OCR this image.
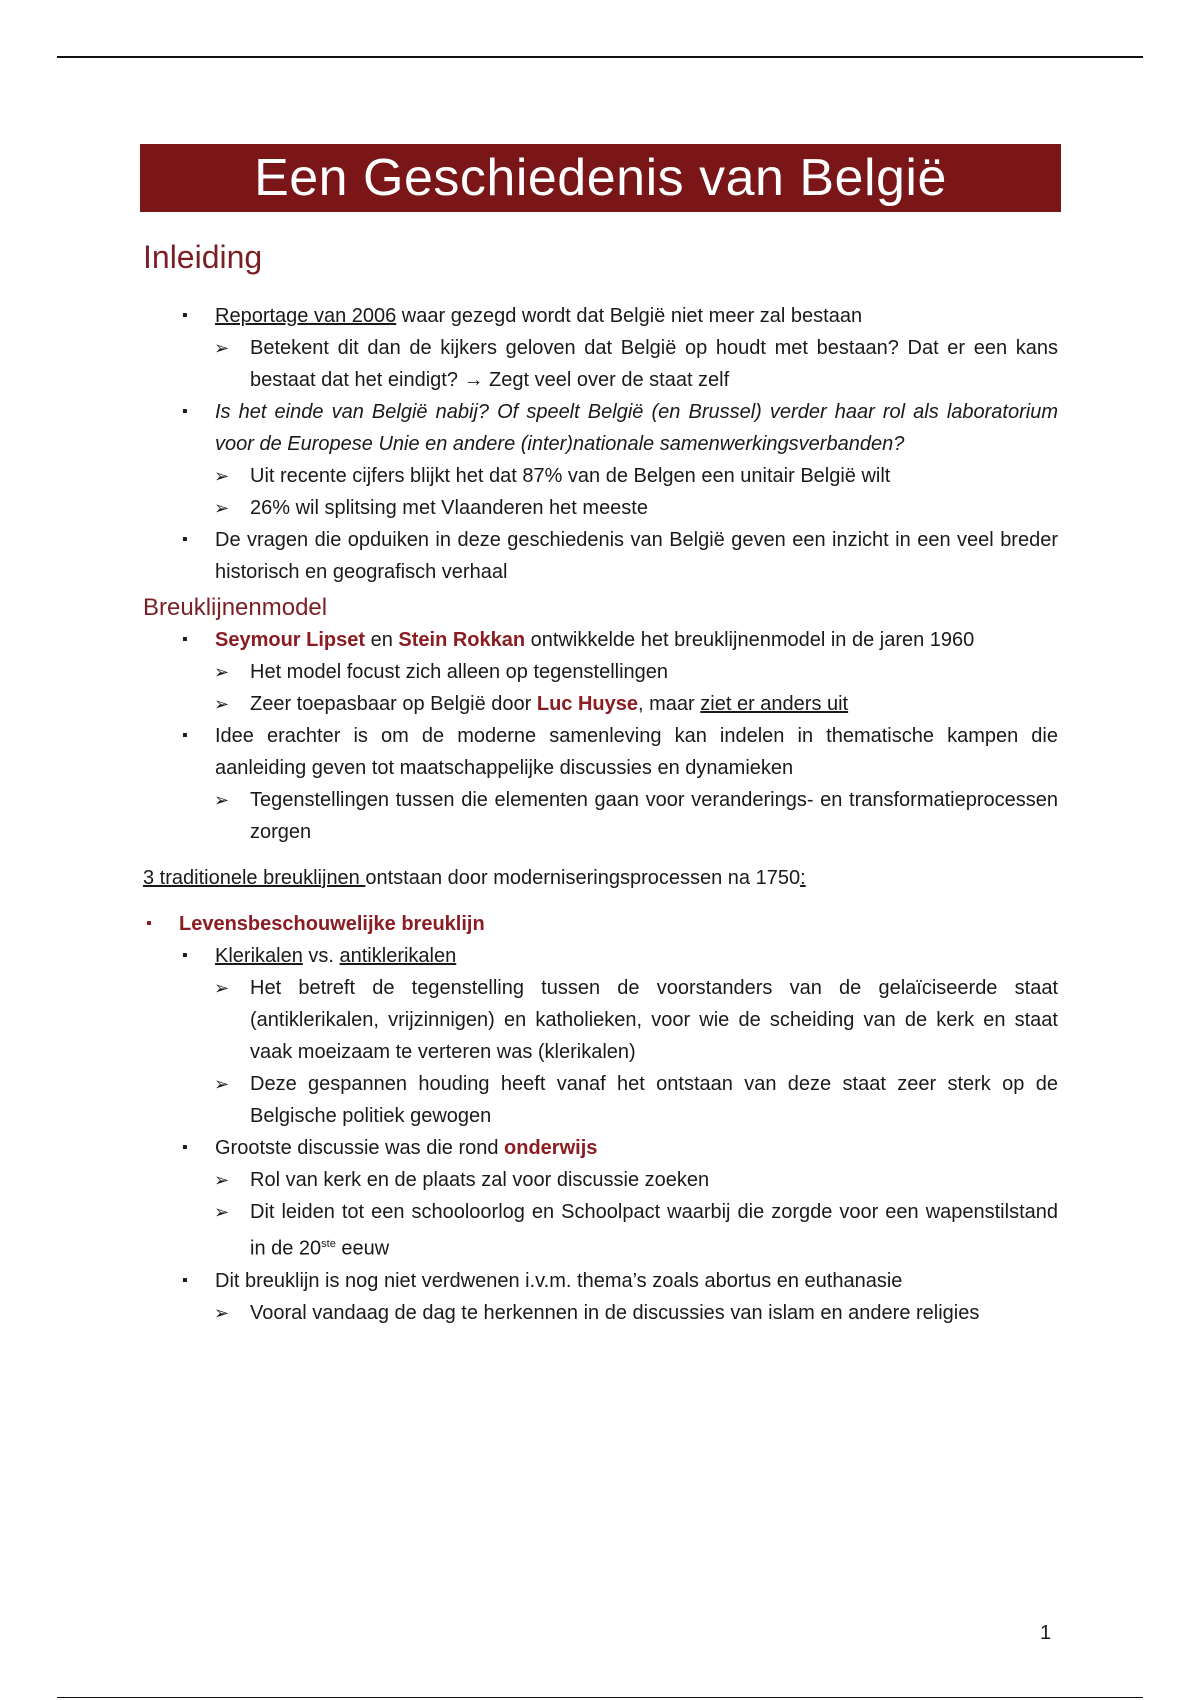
Een Geschiedenis van België
Inleiding
▪ Reportage van 2006 waar gezegd wordt dat België niet meer zal bestaan
➢ Betekent dit dan de kijkers geloven dat België op houdt met bestaan? Dat er een kans bestaat dat het eindigt? → Zegt veel over de staat zelf
▪ Is het einde van België nabij? Of speelt België (en Brussel) verder haar rol als laboratorium voor de Europese Unie en andere (inter)nationale samenwerkingsverbanden?
➢ Uit recente cijfers blijkt het dat 87% van de Belgen een unitair België wilt
➢ 26% wil splitsing met Vlaanderen het meeste
▪ De vragen die opduiken in deze geschiedenis van België geven een inzicht in een veel breder historisch en geografisch verhaal
Breuklijnenmodel
▪ Seymour Lipset en Stein Rokkan ontwikkelde het breuklijnenmodel in de jaren 1960
➢ Het model focust zich alleen op tegenstellingen
➢ Zeer toepasbaar op België door Luc Huyse, maar ziet er anders uit
▪ Idee erachter is om de moderne samenleving kan indelen in thematische kampen die aanleiding geven tot maatschappelijke discussies en dynamieken
➢ Tegenstellingen tussen die elementen gaan voor veranderings- en transformatieprocessen zorgen
3 traditionele breuklijnen ontstaan door moderniseringsprocessen na 1750:
▪ Levensbeschouwelijke breuklijn
▪ Klerikalen vs. antiklerikalen
➢ Het betreft de tegenstelling tussen de voorstanders van de gelaïciseerde staat (antiklerikalen, vrijzinnigen) en katholieken, voor wie de scheiding van de kerk en staat vaak moeizaam te verteren was (klerikalen)
➢ Deze gespannen houding heeft vanaf het ontstaan van deze staat zeer sterk op de Belgische politiek gewogen
▪ Grootste discussie was die rond onderwijs
➢ Rol van kerk en de plaats zal voor discussie zoeken
➢ Dit leiden tot een schooloorlog en Schoolpact waarbij die zorgde voor een wapenstilstand in de 20ste eeuw
▪ Dit breuklijn is nog niet verdwenen i.v.m. thema’s zoals abortus en euthanasie
➢ Vooral vandaag de dag te herkennen in de discussies van islam en andere religies
1
